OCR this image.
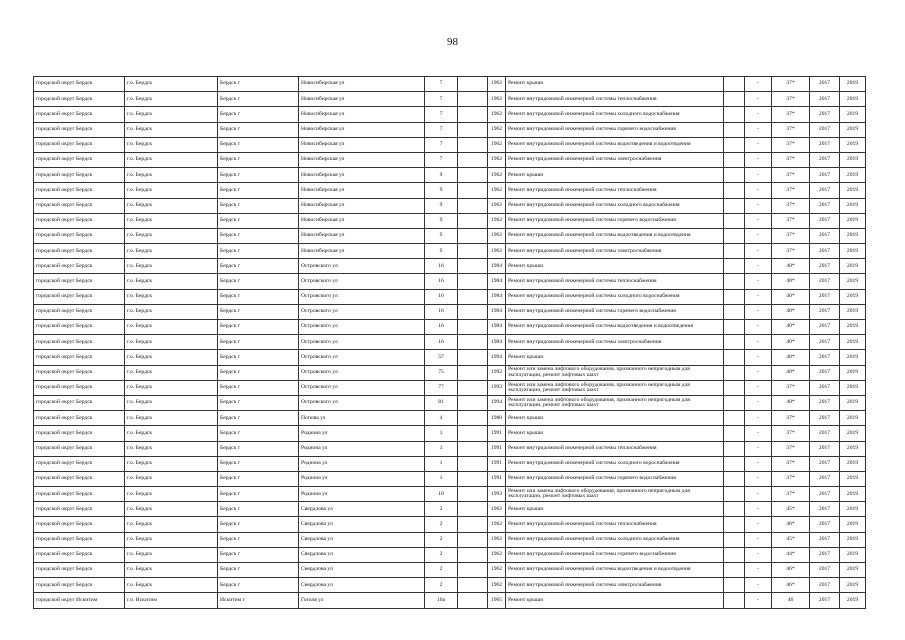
98
городской округ Бердск	г.о. Бердск	Бердск г	Новосибирская ул	7		1962	Ремонт крыши		-	37*	2017	2019
городской округ Бердск	г.о. Бердск	Бердск г	Новосибирская ул	7		1962	Ремонт внутридомовой инженерной системы теплоснабжения		-	37*	2017	2019
городской округ Бердск	г.о. Бердск	Бердск г	Новосибирская ул	7		1962	Ремонт внутридомовой инженерной системы холодного водоснабжения		-	37*	2017	2019
городской округ Бердск	г.о. Бердск	Бердск г	Новосибирская ул	7		1962	Ремонт внутридомовой инженерной системы горячего водоснабжения		-	37*	2017	2019
городской округ Бердск	г.о. Бердск	Бердск г	Новосибирская ул	7		1962	Ремонт внутридомовой инженерной системы водоотведения и водоотвдения		-	37*	2017	2019
городской округ Бердск	г.о. Бердск	Бердск г	Новосибирская ул	7		1962	Ремонт внутридомовой инженерной системы электроснабжения		-	37*	2017	2019
городской округ Бердск	г.о. Бердск	Бердск г	Новосибирская ул	9		1962	Ремонт крыши		-	37*	2017	2019
городской округ Бердск	г.о. Бердск	Бердск г	Новосибирская ул	9		1962	Ремонт внутридомовой инженерной системы теплоснабжения		-	37*	2017	2019
городской округ Бердск	г.о. Бердск	Бердск г	Новосибирская ул	9		1962	Ремонт внутридомовой инженерной системы холодного водоснабжения		-	37*	2017	2019
городской округ Бердск	г.о. Бердск	Бердск г	Новосибирская ул	9		1962	Ремонт внутридомовой инженерной системы горячего водоснабжения		-	37*	2017	2019
городской округ Бердск	г.о. Бердск	Бердск г	Новосибирская ул	9		1962	Ремонт внутридомовой инженерной системы водоотведения и водоотвдения		-	37*	2017	2019
городской округ Бердск	г.о. Бердск	Бердск г	Новосибирская ул	9		1962	Ремонт внутридомовой инженерной системы электроснабжения		-	37*	2017	2019
городской округ Бердск	г.о. Бердск	Бердск г	Островского ул	16		1984	Ремонт крыши		-	40*	2017	2019
городской округ Бердск	г.о. Бердск	Бердск г	Островского ул	16		1984	Ремонт внутридомовой инженерной системы теплоснабжения		-	40*	2017	2019
городской округ Бердск	г.о. Бердск	Бердск г	Островского ул	16		1984	Ремонт внутридомовой инженерной системы холодного водоснабжения		-	40*	2017	2019
городской округ Бердск	г.о. Бердск	Бердск г	Островского ул	16		1984	Ремонт внутридомовой инженерной системы горячего водоснабжения		-	40*	2017	2019
городской округ Бердск	г.о. Бердск	Бердск г	Островского ул	16		1984	Ремонт внутридомовой инженерной системы водоотведения и водоотведения		-	40*	2017	2019
городской округ Бердск	г.о. Бердск	Бердск г	Островского ул	16		1984	Ремонт внутридомовой инженерной системы электроснабжения		-	40*	2017	2019
городской округ Бердск	г.о. Бердск	Бердск г	Островского ул	57		1994	Ремонт крыши		-	40*	2017	2019
городской округ Бердск	г.о. Бердск	Бердск г	Островского ул	75		1992	Ремонт или замена лифтового оборудования, признанного непригодным для эксплуатации, ремонт лифтовых шахт		-	40*	2017	2019
городской округ Бердск	г.о. Бердск	Бердск г	Островского ул	77		1993	Ремонт или замена лифтового оборудования, признанного непригодным для эксплуатации, ремонт лифтовых шахт		-	37*	2017	2019
городской округ Бердск	г.о. Бердск	Бердск г	Островского ул	81		1994	Ремонт или замена лифтового оборудования, признанного непригодным для эксплуатации, ремонт лифтовых шахт		-	40*	2017	2019
городской округ Бердск	г.о. Бердск	Бердск г	Попова ул	4		1980	Ремонт крыши		-	37*	2017	2019
городской округ Бердск	г.о. Бердск	Бердск г	Родиона ул	1		1991	Ремонт крыши		-	37*	2017	2019
городской округ Бердск	г.о. Бердск	Бердск г	Родиона ул	1		1991	Ремонт внутридомовой инженерной системы теплоснабжения		-	37*	2017	2019
городской округ Бердск	г.о. Бердск	Бердск г	Родиона ул	1		1991	Ремонт внутридомовой инженерной системы холодного водоснабжения		-	37*	2017	2019
городской округ Бердск	г.о. Бердск	Бердск г	Родиона ул	1		1991	Ремонт внутридомовой инженерной системы горячего водоснабжения		-	37*	2017	2019
городской округ Бердск	г.о. Бердск	Бердск г	Родиона ул	10		1993	Ремонт или замена лифтового оборудования, признанного непригодным для эксплуатации, ремонт лифтовых шахт		-	37*	2017	2019
городской округ Бердск	г.о. Бердск	Бердск г	Свердлова ул	2		1962	Ремонт крыши		-	45*	2017	2019
городской округ Бердск	г.о. Бердск	Бердск г	Свердлова ул	2		1962	Ремонт внутридомовой инженерной системы теплоснабжения		-	46*	2017	2019
городской округ Бердск	г.о. Бердск	Бердск г	Свердлова ул	2		1962	Ремонт внутридомовой инженерной системы холодного водоснабжения		-	45*	2017	2019
городской округ Бердск	г.о. Бердск	Бердск г	Свердлова ул	2		1962	Ремонт внутридомовой инженерной системы горячего водоснабжения		-	44*	2017	2019
городской округ Бердск	г.о. Бердск	Бердск г	Свердлова ул	2		1962	Ремонт внутридомовой инженерной системы водоотведения и водоотвдения		-	46*	2017	2019
городской округ Бердск	г.о. Бердск	Бердск г	Свердлова ул	2		1962	Ремонт внутридомовой инженерной системы электроснабжения		-	46*	2017	2019
городской округ Искитим	г.о. Искитим	Искитим г	Гоголя ул	10а		1965	Ремонт крыши		-	46	2017	2019
